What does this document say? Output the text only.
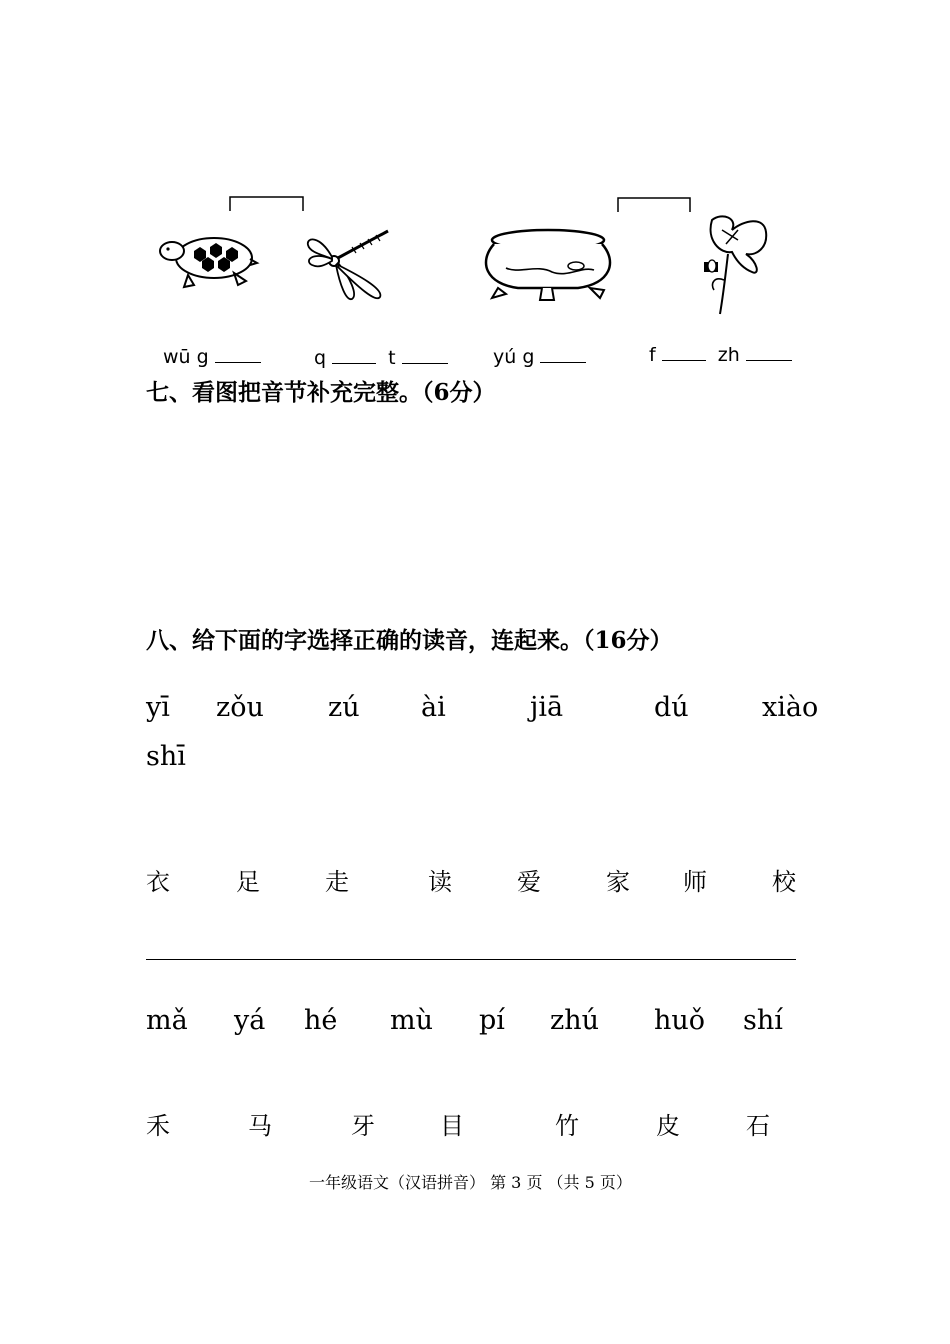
wū g	q	t	yú g	f	zh
七、看图把音节补充完整。（6分）
八、给下面的字选择正确的读音，连起来。（16分）
yī zǒu zú ài	jiā	dú	xiào
shī
衣	足	走	读	爱	家 师	校
mǎ yá hé mù pí zhú huǒ shí
禾	马	牙	目	竹	皮	石
一年级语文（汉语拼音） 第 3 页 （共 5 页）
